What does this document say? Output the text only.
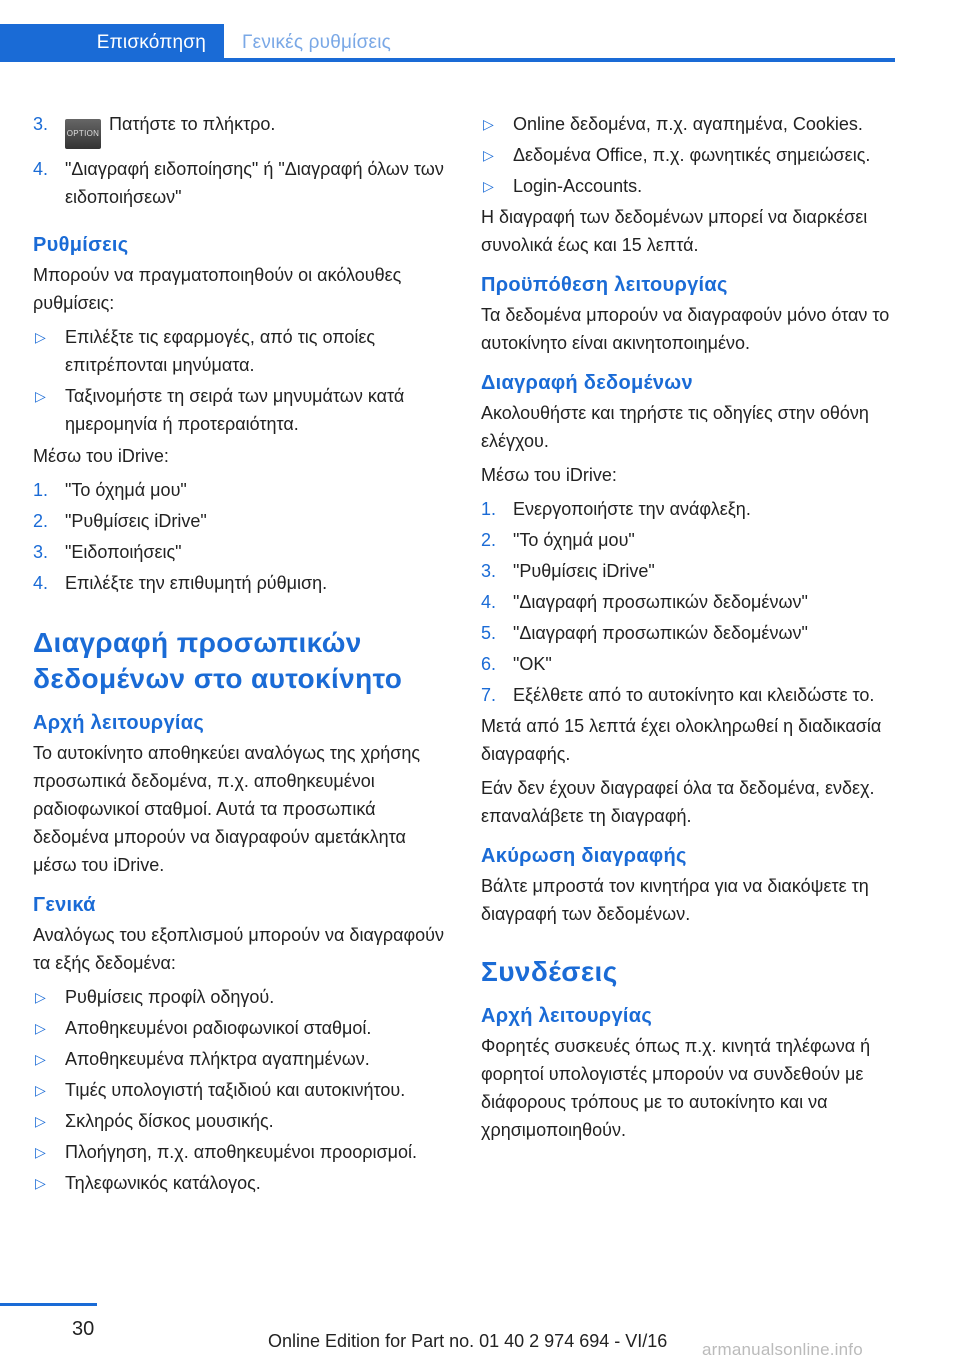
Επισκόπηση	Γενικές ρυθμίσεις
3.	OPTION Πατήστε το πλήκτρο.
4. "Διαγραφή ειδοποίησης" ή "Διαγραφή όλων των ειδοποιήσεων"
Ρυθμίσεις
Μπορούν να πραγματοποιηθούν οι ακόλουθες ρυθμίσεις:
▷	Επιλέξτε τις εφαρμογές, από τις οποίες επιτρέπονται μηνύματα.
▷	Ταξινομήστε τη σειρά των μηνυμάτων κατά ημερομηνία ή προτεραιότητα.
Μέσω του iDrive:
1. "Το όχημά μου"
2. "Ρυθμίσεις iDrive"
3. "Ειδοποιήσεις"
4. Επιλέξτε την επιθυμητή ρύθμιση.
Διαγραφή προσωπικών δεδομένων στο αυτοκίνητο
Αρχή λειτουργίας
Το αυτοκίνητο αποθηκεύει αναλόγως της χρήσης προσωπικά δεδομένα, π.χ. αποθηκευμένοι ραδιοφωνικοί σταθμοί. Αυτά τα προσωπικά δεδομένα μπορούν να διαγραφούν αμετάκλητα μέσω του iDrive.
Γενικά
Αναλόγως του εξοπλισμού μπορούν να διαγραφούν τα εξής δεδομένα:
▷	Ρυθμίσεις προφίλ οδηγού.
▷	Αποθηκευμένοι ραδιοφωνικοί σταθμοί.
▷	Αποθηκευμένα πλήκτρα αγαπημένων.
▷	Τιμές υπολογιστή ταξιδιού και αυτοκινήτου.
▷	Σκληρός δίσκος μουσικής.
▷	Πλοήγηση, π.χ. αποθηκευμένοι προορισμοί.
▷	Τηλεφωνικός κατάλογος.
▷	Online δεδομένα, π.χ. αγαπημένα, Cookies.
▷	Δεδομένα Office, π.χ. φωνητικές σημειώσεις.
▷	Login-Accounts.
Η διαγραφή των δεδομένων μπορεί να διαρκέσει συνολικά έως και 15 λεπτά.
Προϋπόθεση λειτουργίας
Τα δεδομένα μπορούν να διαγραφούν μόνο όταν το αυτοκίνητο είναι ακινητοποιημένο.
Διαγραφή δεδομένων
Ακολουθήστε και τηρήστε τις οδηγίες στην οθόνη ελέγχου.
Μέσω του iDrive:
1. Ενεργοποιήστε την ανάφλεξη.
2. "Το όχημά μου"
3. "Ρυθμίσεις iDrive"
4. "Διαγραφή προσωπικών δεδομένων"
5. "Διαγραφή προσωπικών δεδομένων"
6. "OK"
7. Εξέλθετε από το αυτοκίνητο και κλειδώστε το.
Μετά από 15 λεπτά έχει ολοκληρωθεί η διαδικασία διαγραφής.
Εάν δεν έχουν διαγραφεί όλα τα δεδομένα, ενδεχ. επαναλάβετε τη διαγραφή.
Ακύρωση διαγραφής
Βάλτε μπροστά τον κινητήρα για να διακόψετε τη διαγραφή των δεδομένων.
Συνδέσεις
Αρχή λειτουργίας
Φορητές συσκευές όπως π.χ. κινητά τηλέφωνα ή φορητοί υπολογιστές μπορούν να συνδεθούν με διάφορους τρόπους με το αυτοκίνητο και να χρησιμοποιηθούν.
30
Online Edition for Part no. 01 40 2 974 694 - VI/16 armanualsonline.info
